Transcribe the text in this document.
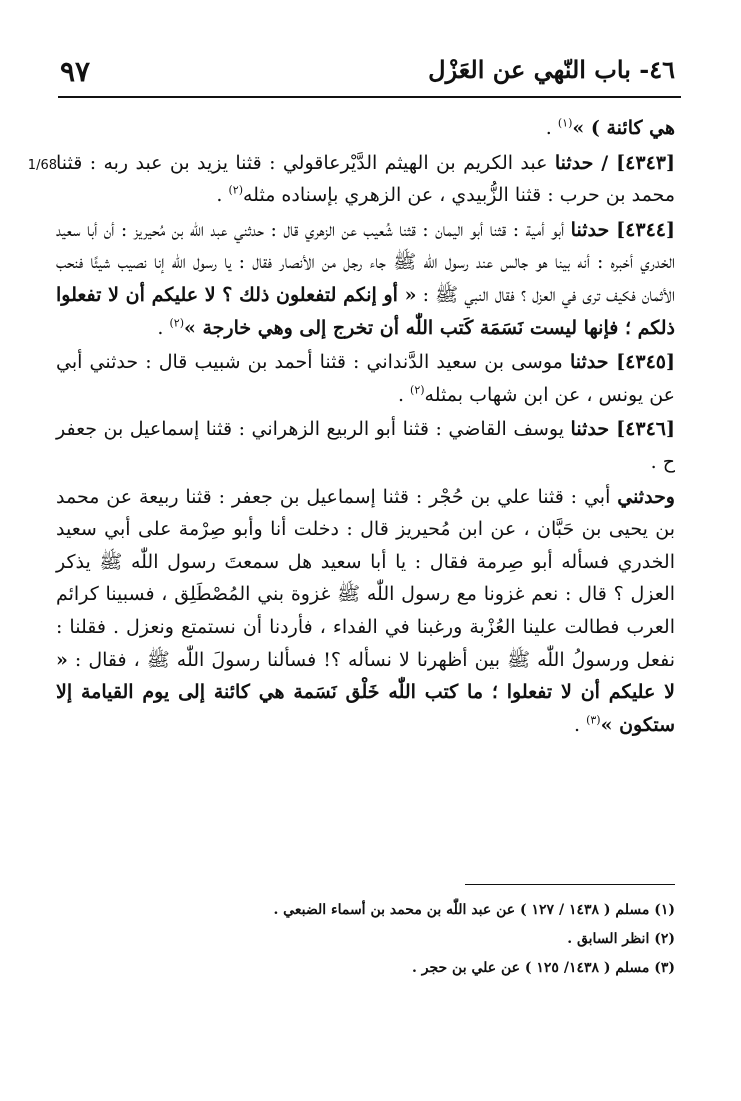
٩٧	٤٦- باب النّهي عن العَزْل
1/68

هي كائنة ) »$^{(١)}$ .

[٤٣٤٣] / حدثنا عبد الكريم بن الهيثم الدَّيْرعاقولي : قثنا يزيد بن عبد ربه : قثنا محمد بن حرب : قثنا الزُّبيدي ، عن الزهري بإسناده مثله$^{(٢)}$ .

[٤٣٤٤] حدثنا أبو أمية : قثنا أبو اليمان : قثنا شُعيب عن الزهري قال : حدثني عبد اللّٰه بن مُحيريز : أن أبا سعيد الخدري أخبره : أنه بينا هو جالس عند رسول اللّٰه ﷺ جاء رجل من الأنصار فقال : يا رسول اللّٰه إنا نصيب شيئًا فنحب الأثمان فكيف ترى في العزل ؟ فقال النبي ﷺ : « أو إنكم لتفعلون ذلك ؟ لا عليكم أن لا تفعلوا ذلكم ؛ فإنها ليست نَسَمَة كَتب اللّٰه أن تخرج إلى وهي خارجة »$^{(٢)}$ .

[٤٣٤٥] حدثنا موسى بن سعيد الدَّنداني : قثنا أحمد بن شبيب قال : حدثني أبي عن يونس ، عن ابن شهاب بمثله$^{(٢)}$ .

[٤٣٤٦] حدثنا يوسف القاضي : قثنا أبو الربيع الزهراني : قثنا إسماعيل بن جعفر ح .

وحدثني أبي : قثنا علي بن حُجْر : قثنا إسماعيل بن جعفر : قثنا ربيعة عن محمد بن يحيى بن حَبَّان ، عن ابن مُحيريز قال : دخلت أنا وأبو صِرْمة على أبي سعيد الخدري فسأله أبو صِرمة فقال : يا أبا سعيد هل سمعتَ رسول اللّٰه ﷺ يذكر العزل ؟ قال : نعم غزونا مع رسول اللّٰه ﷺ غزوة بني المُصْطَلِق ، فسبينا كرائم العرب فطالت علينا العُزْبة ورغبنا في الفداء ، فأردنا أن نستمتع ونعزل . فقلنا : نفعل ورسولُ اللّٰه ﷺ بين أظهرنا لا نسأله ؟! فسألنا رسولَ اللّٰه ﷺ ، فقال : « لا عليكم أن لا تفعلوا ؛ ما كتب اللّٰه خَلْق نَسَمة هي كائنة إلى يوم القيامة إلا ستكون »$^{(٣)}$ .

(١) مسلم ( ١٤٣٨ / ١٢٧ ) عن عبد اللّٰه بن محمد بن أسماء الضبعي .
(٢) انظر السابق .
(٣) مسلم ( ١٤٣٨/ ١٢٥ ) عن علي بن حجر .
